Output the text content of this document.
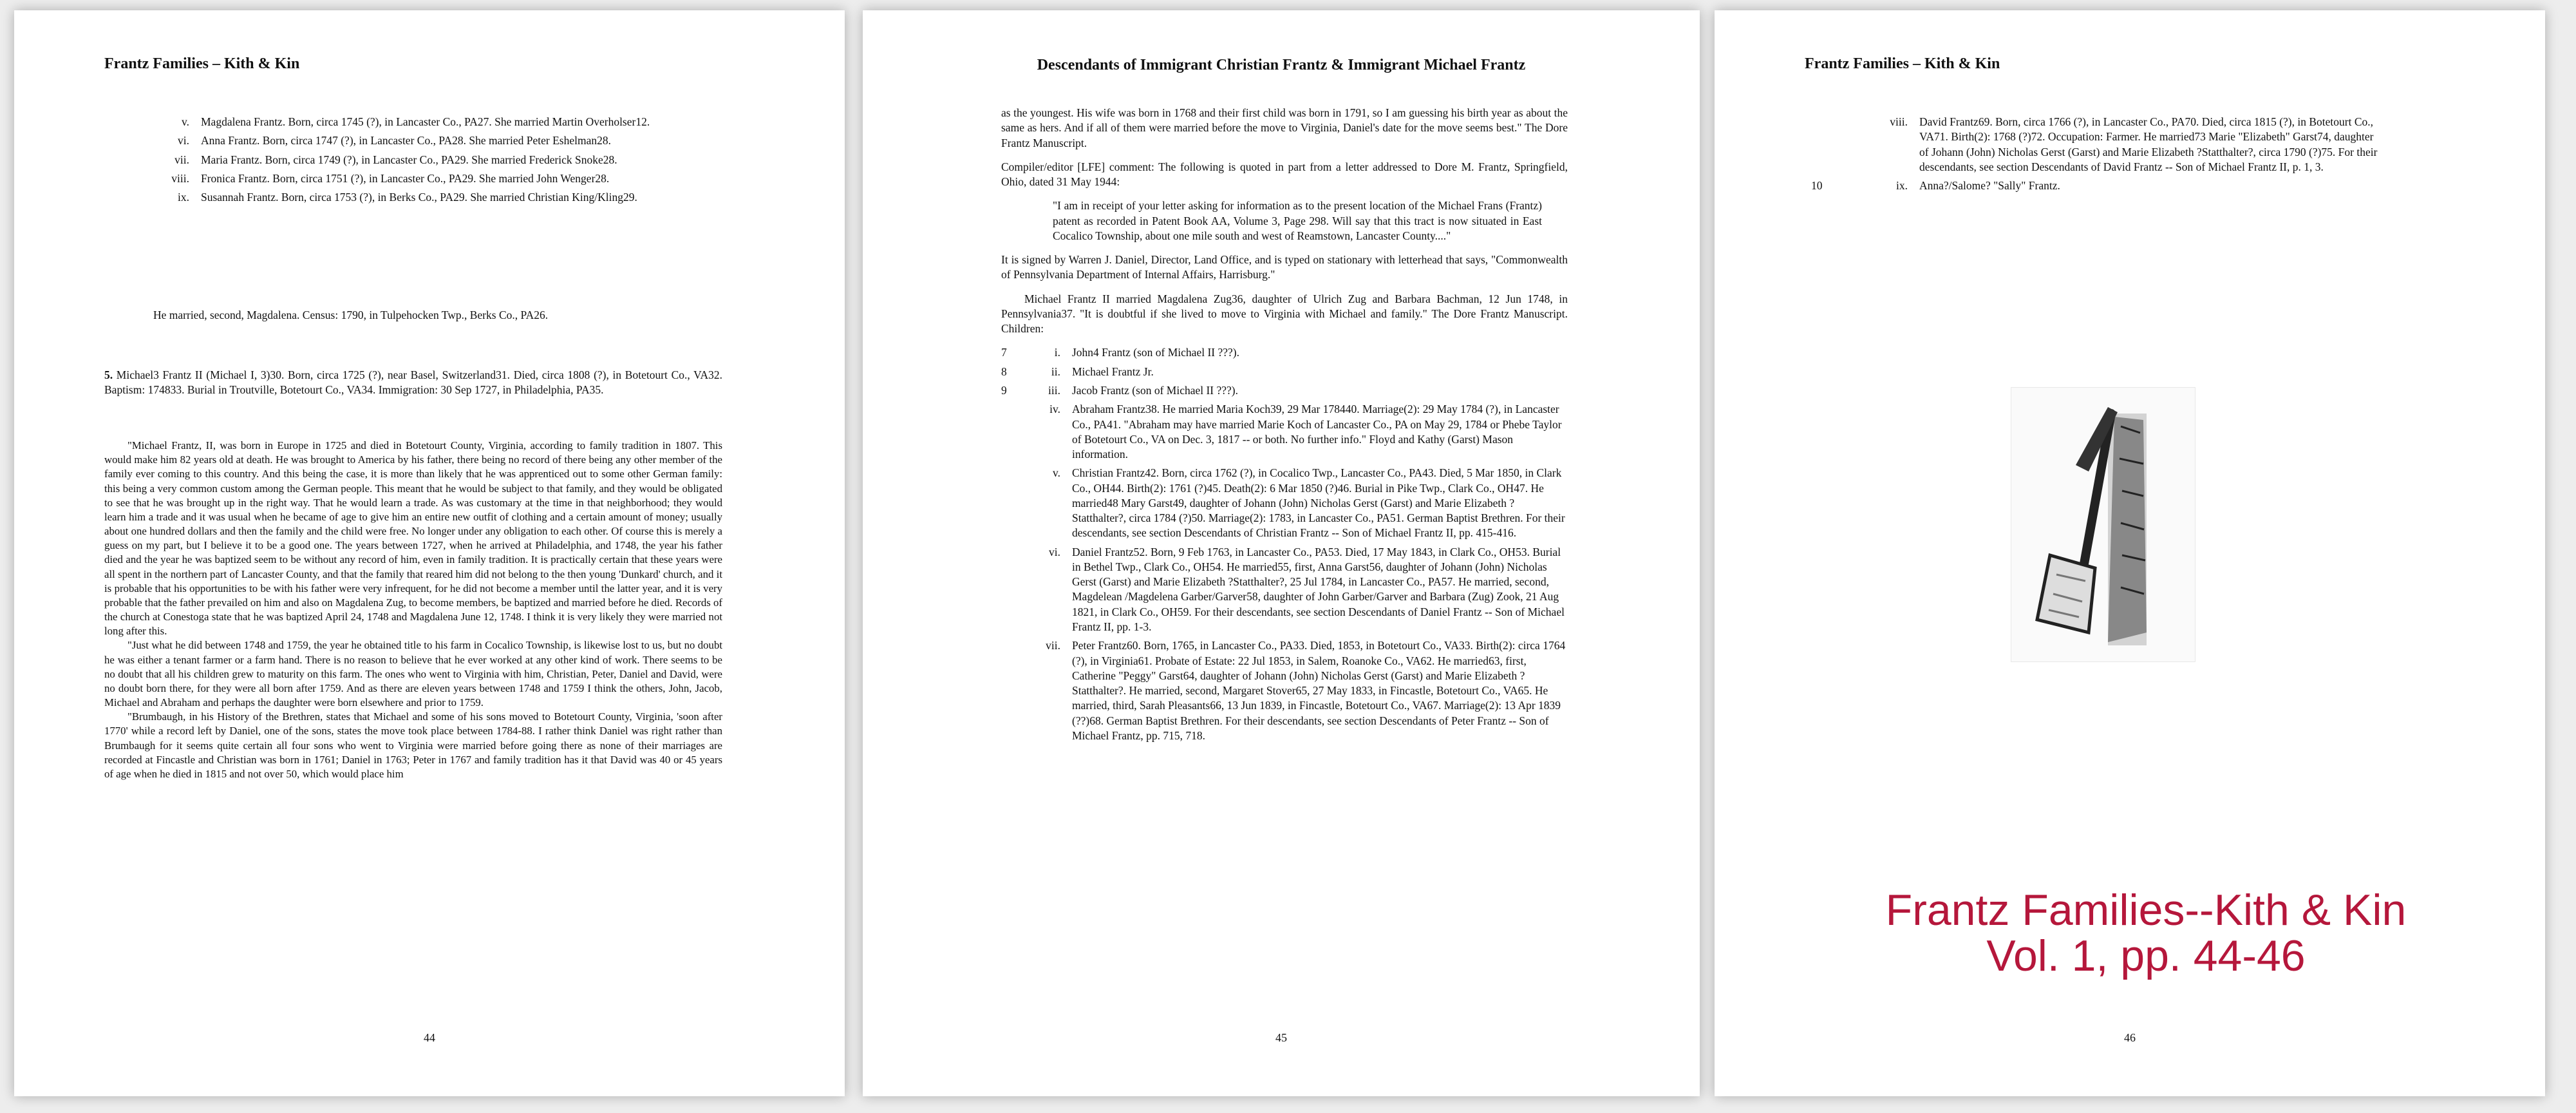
Frantz Families – Kith & Kin
v.	Magdalena Frantz. Born, circa 1745 (?), in Lancaster Co., PA27. She married Martin Overholser12.
vi.	Anna Frantz. Born, circa 1747 (?), in Lancaster Co., PA28. She married Peter Eshelman28.
vii.	Maria Frantz. Born, circa 1749 (?), in Lancaster Co., PA29. She married Frederick Snoke28.
viii.	Fronica Frantz. Born, circa 1751 (?), in Lancaster Co., PA29. She married John Wenger28.
ix.	Susannah Frantz. Born, circa 1753 (?), in Berks Co., PA29. She married Christian King/Kling29.
He married, second, Magdalena. Census: 1790, in Tulpehocken Twp., Berks Co., PA26.
5. Michael3 Frantz II (Michael I, 3)30. Born, circa 1725 (?), near Basel, Switzerland31. Died, circa 1808 (?), in Botetourt Co., VA32. Baptism: 174833. Burial in Troutville, Botetourt Co., VA34. Immigration: 30 Sep 1727, in Philadelphia, PA35.

"Michael Frantz, II, was born in Europe in 1725 and died in Botetourt County, Virginia, according to family tradition in 1807. This would make him 82 years old at death. He was brought to America by his father, there being no record of there being any other member of the family ever coming to this country. And this being the case, it is more than likely that he was apprenticed out to some other German family: this being a very common custom among the German people. This meant that he would be subject to that family, and they would be obligated to see that he was brought up in the right way. That he would learn a trade. As was customary at the time in that neighborhood; they would learn him a trade and it was usual when he became of age to give him an entire new outfit of clothing and a certain amount of money; usually about one hundred dollars and then the family and the child were free. No longer under any obligation to each other. Of course this is merely a guess on my part, but I believe it to be a good one. The years between 1727, when he arrived at Philadelphia, and 1748, the year his father died and the year he was baptized seem to be without any record of him, even in family tradition. It is practically certain that these years were all spent in the northern part of Lancaster County, and that the family that reared him did not belong to the then young 'Dunkard' church, and it is probable that his opportunities to be with his father were very infrequent, for he did not become a member until the latter year, and it is very probable that the father prevailed on him and also on Magdalena Zug, to become members, be baptized and married before he died. Records of the church at Conestoga state that he was baptized April 24, 1748 and Magdalena June 12, 1748. I think it is very likely they were married not long after this.

"Just what he did between 1748 and 1759, the year he obtained title to his farm in Cocalico Township, is likewise lost to us, but no doubt he was either a tenant farmer or a farm hand. There is no reason to believe that he ever worked at any other kind of work. There seems to be no doubt that all his children grew to maturity on this farm. The ones who went to Virginia with him, Christian, Peter, Daniel and David, were no doubt born there, for they were all born after 1759. And as there are eleven years between 1748 and 1759 I think the others, John, Jacob, Michael and Abraham and perhaps the daughter were born elsewhere and prior to 1759.

"Brumbaugh, in his History of the Brethren, states that Michael and some of his sons moved to Botetourt County, Virginia, 'soon after 1770' while a record left by Daniel, one of the sons, states the move took place between 1784-88. I rather think Daniel was right rather than Brumbaugh for it seems quite certain all four sons who went to Virginia were married before going there as none of their marriages are recorded at Fincastle and Christian was born in 1761; Daniel in 1763; Peter in 1767 and family tradition has it that David was 40 or 45 years of age when he died in 1815 and not over 50, which would place him

44
Descendants of Immigrant Christian Frantz & Immigrant Michael Frantz

as the youngest. His wife was born in 1768 and their first child was born in 1791, so I am guessing his birth year as about the same as hers. And if all of them were married before the move to Virginia, Daniel's date for the move seems best." The Dore Frantz Manuscript.

Compiler/editor [LFE] comment: The following is quoted in part from a letter addressed to Dore M. Frantz, Springfield, Ohio, dated 31 May 1944:

"I am in receipt of your letter asking for information as to the present location of the Michael Frans (Frantz) patent as recorded in Patent Book AA, Volume 3, Page 298. Will say that this tract is now situated in East Cocalico Township, about one mile south and west of Reamstown, Lancaster County...."

It is signed by Warren J. Daniel, Director, Land Office, and is typed on stationary with letterhead that says, "Commonwealth of Pennsylvania Department of Internal Affairs, Harrisburg."

Michael Frantz II married Magdalena Zug36, daughter of Ulrich Zug and Barbara Bachman, 12 Jun 1748, in Pennsylvania37. "It is doubtful if she lived to move to Virginia with Michael and family." The Dore Frantz Manuscript. Children:

7	i.	John4 Frantz (son of Michael II ???).
8	ii.	Michael Frantz Jr.
9	iii.	Jacob Frantz (son of Michael II ???).
iv.	Abraham Frantz38. He married Maria Koch39, 29 Mar 178440. Marriage(2): 29 May 1784 (?), in Lancaster Co., PA41. "Abraham may have married Marie Koch of Lancaster Co., PA on May 29, 1784 or Phebe Taylor of Botetourt Co., VA on Dec. 3, 1817 -- or both. No further info." Floyd and Kathy (Garst) Mason information.
v.	Christian Frantz42. Born, circa 1762 (?), in Cocalico Twp., Lancaster Co., PA43. Died, 5 Mar 1850, in Clark Co., OH44. Birth(2): 1761 (?)45. Death(2): 6 Mar 1850 (?)46. Burial in Pike Twp., Clark Co., OH47. He married48 Mary Garst49, daughter of Johann (John) Nicholas Gerst (Garst) and Marie Elizabeth ?Statthalter?, circa 1784 (?)50. Marriage(2): 1783, in Lancaster Co., PA51. German Baptist Brethren. For their descendants, see section Descendants of Christian Frantz -- Son of Michael Frantz II, pp. 415-416.
vi.	Daniel Frantz52. Born, 9 Feb 1763, in Lancaster Co., PA53. Died, 17 May 1843, in Clark Co., OH53. Burial in Bethel Twp., Clark Co., OH54. He married55, first, Anna Garst56, daughter of Johann (John) Nicholas Gerst (Garst) and Marie Elizabeth ?Statthalter?, 25 Jul 1784, in Lancaster Co., PA57. He married, second, Magdelean /Magdelena Garber/Garver58, daughter of John Garber/Garver and Barbara (Zug) Zook, 21 Aug 1821, in Clark Co., OH59. For their descendants, see section Descendants of Daniel Frantz -- Son of Michael Frantz II, pp. 1-3.
vii.	Peter Frantz60. Born, 1765, in Lancaster Co., PA33. Died, 1853, in Botetourt Co., VA33. Birth(2): circa 1764 (?), in Virginia61. Probate of Estate: 22 Jul 1853, in Salem, Roanoke Co., VA62. He married63, first, Catherine "Peggy" Garst64, daughter of Johann (John) Nicholas Gerst (Garst) and Marie Elizabeth ?Statthalter?. He married, second, Margaret Stover65, 27 May 1833, in Fincastle, Botetourt Co., VA65. He married, third, Sarah Pleasants66, 13 Jun 1839, in Fincastle, Botetourt Co., VA67. Marriage(2): 13 Apr 1839 (??)68. German Baptist Brethren. For their descendants, see section Descendants of Peter Frantz -- Son of Michael Frantz, pp. 715, 718.
45
Frantz Families – Kith & Kin
viii.	David Frantz69. Born, circa 1766 (?), in Lancaster Co., PA70. Died, circa 1815 (?), in Botetourt Co., VA71. Birth(2): 1768 (?)72. Occupation: Farmer. He married73 Marie "Elizabeth" Garst74, daughter of Johann (John) Nicholas Gerst (Garst) and Marie Elizabeth ?Statthalter?, circa 1790 (?)75. For their descendants, see section Descendants of David Frantz -- Son of Michael Frantz II, p. 1, 3.
10	ix.	Anna?/Salome? "Sally" Frantz.
Frantz Families--Kith & Kin
Vol. 1, pp. 44-46
46
